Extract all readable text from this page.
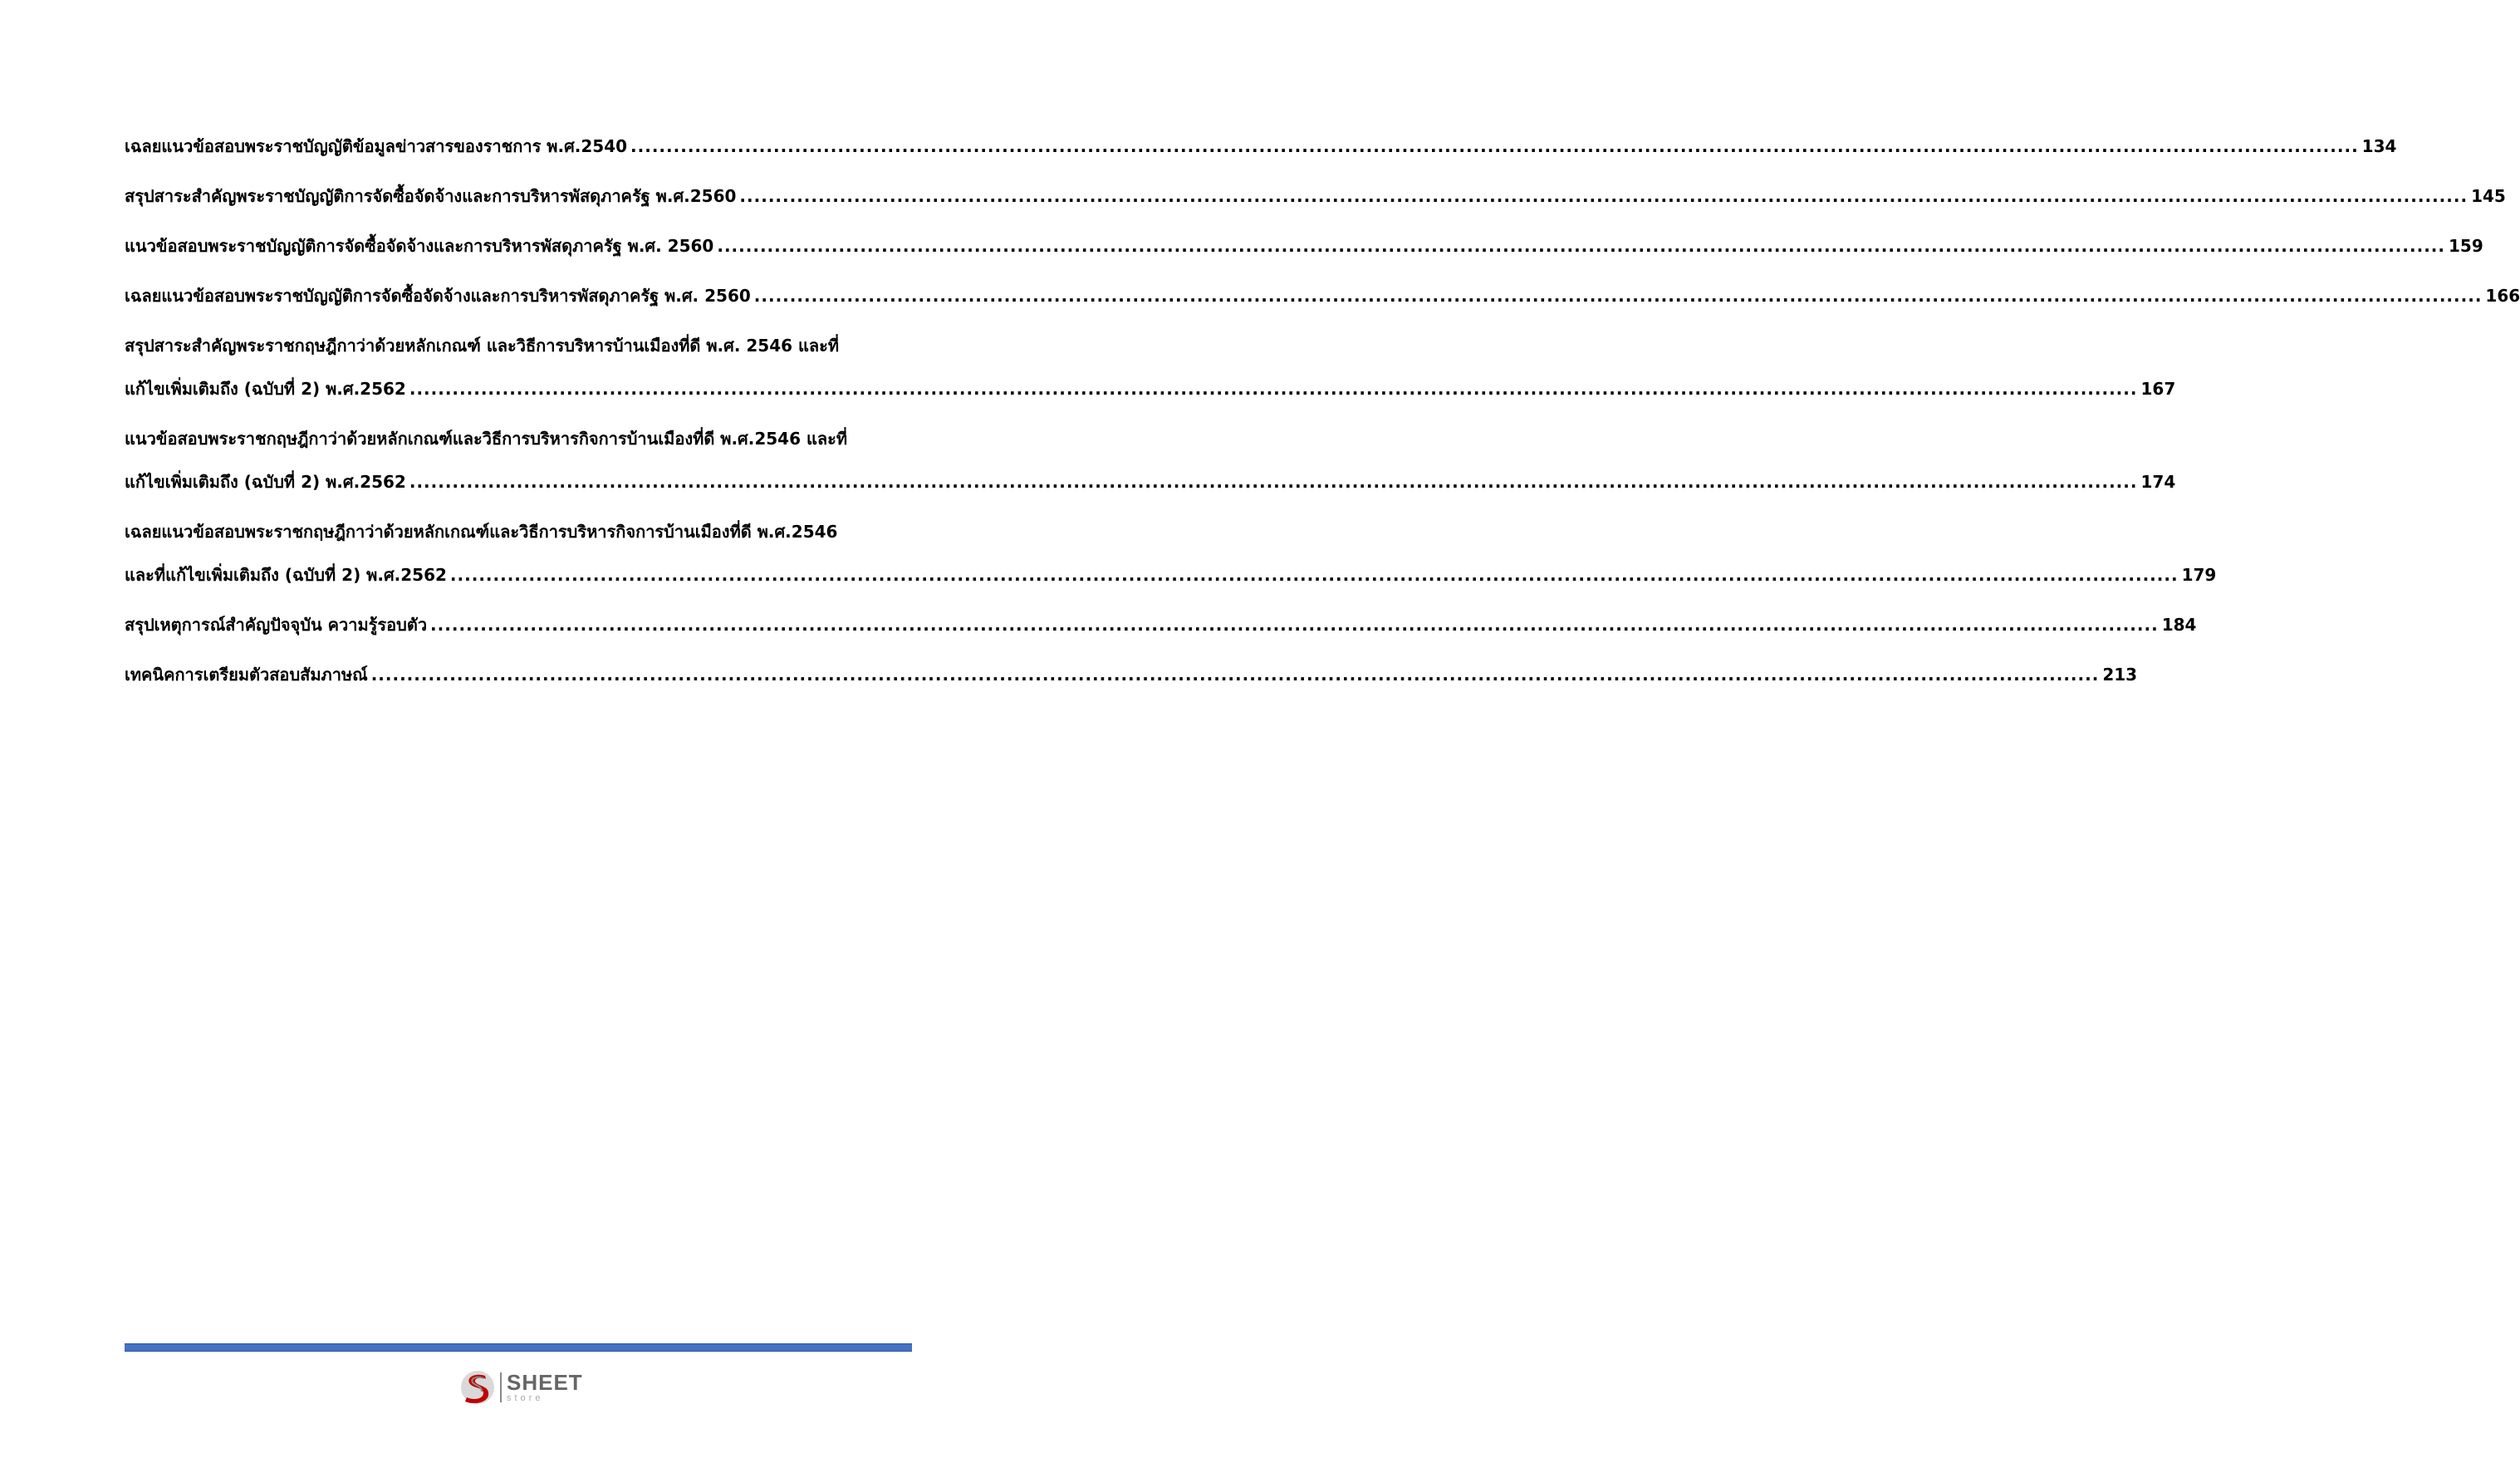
เฉลยแนวข้อสอบพระราชบัญญัติข้อมูลข่าวสารของราชการ พ.ศ.2540 .....	134
สรุปสาระสำคัญพระราชบัญญัติการจัดซื้อจัดจ้างและการบริหารพัสดุภาครัฐ พ.ศ.2560 .....	145
แนวข้อสอบพระราชบัญญัติการจัดซื้อจัดจ้างและการบริหารพัสดุภาครัฐ พ.ศ. 2560 .....	159
เฉลยแนวข้อสอบพระราชบัญญัติการจัดซื้อจัดจ้างและการบริหารพัสดุภาครัฐ พ.ศ. 2560 .....	166
สรุปสาระสำคัญพระราชกฤษฎีกาว่าด้วยหลักเกณฑ์ และวิธีการบริหารบ้านเมืองที่ดี พ.ศ. 2546 และที่
แก้ไขเพิ่มเติมถึง (ฉบับที่ 2) พ.ศ.2562 .....	167
แนวข้อสอบพระราชกฤษฎีกาว่าด้วยหลักเกณฑ์และวิธีการบริหารกิจการบ้านเมืองที่ดี พ.ศ.2546 และที่
แก้ไขเพิ่มเติมถึง (ฉบับที่ 2) พ.ศ.2562 .....	174
เฉลยแนวข้อสอบพระราชกฤษฎีกาว่าด้วยหลักเกณฑ์และวิธีการบริหารกิจการบ้านเมืองที่ดี พ.ศ.2546
และที่แก้ไขเพิ่มเติมถึง (ฉบับที่ 2) พ.ศ.2562 .....	179
สรุปเหตุการณ์สำคัญปัจจุบัน ความรู้รอบตัว .....	184
เทคนิคการเตรียมตัวสอบสัมภาษณ์ .....	213
SHEET
store
